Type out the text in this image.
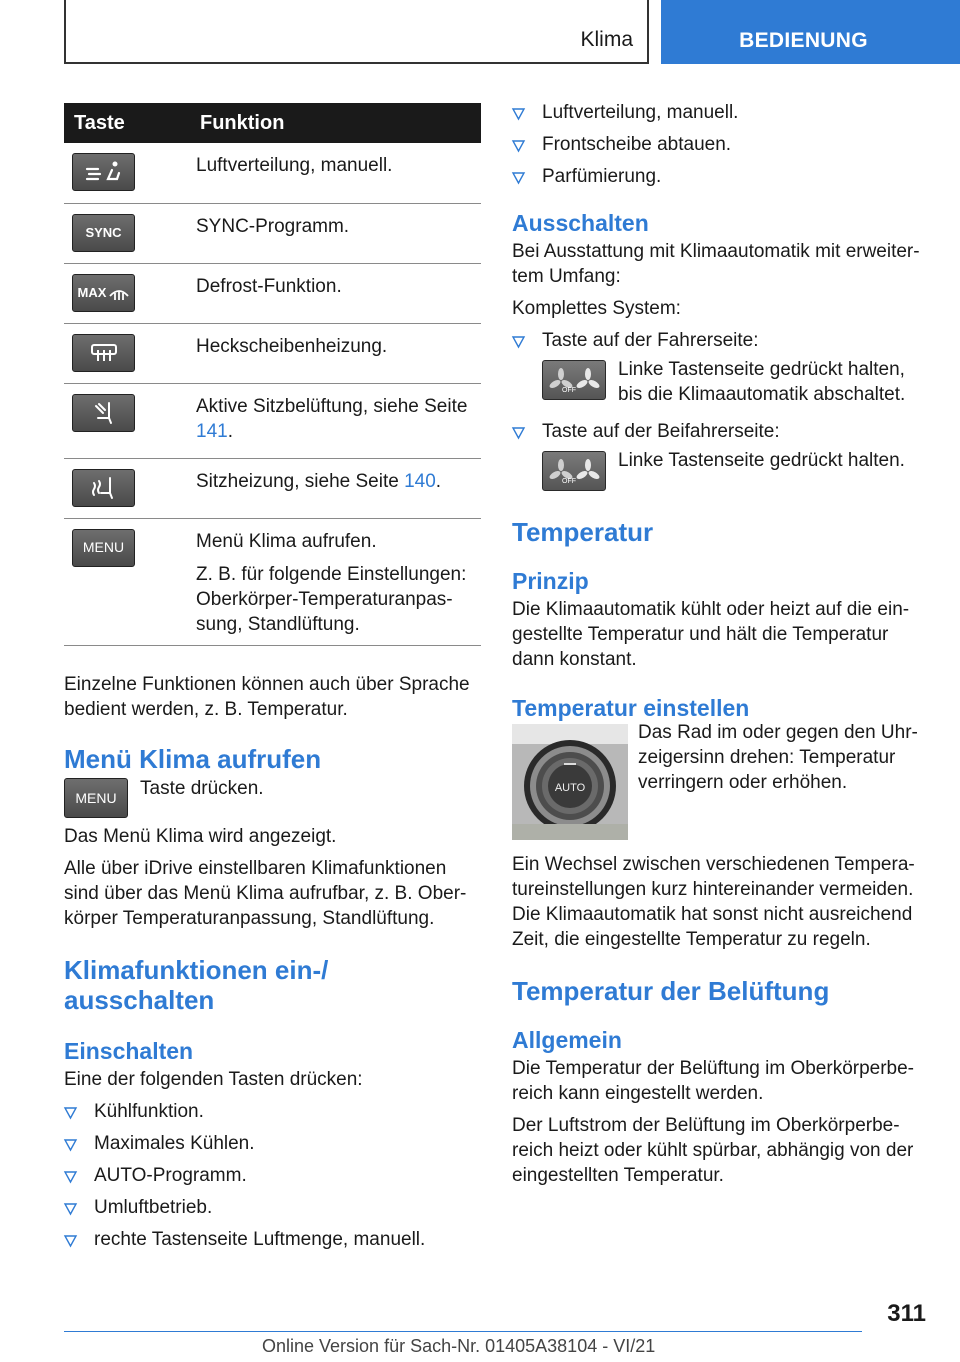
Klima	BEDIENUNG
Taste	Funktion

Luftverteilung, manuell.

SYNC	SYNC-Programm.

MAX	Defrost-Funktion.

Heckscheibenheizung.

Aktive Sitzbelüftung, siehe Seite 141.

Sitzheizung, siehe Seite 140.

MENU	Menü Klima aufrufen.

Z. B. für folgende Einstellungen: Oberkörper-Temperaturanpas-sung, Standlüftung.

Einzelne Funktionen können auch über Sprache bedient werden, z. B. Temperatur.

Menü Klima aufrufen
MENU	Taste drücken.

Das Menü Klima wird angezeigt.

Alle über iDrive einstellbaren Klimafunktionen sind über das Menü Klima aufrufbar, z. B. Ober-körper Temperaturanpassung, Standlüftung.

Klimafunktionen ein-/ ausschalten
Einschalten

Eine der folgenden Tasten drücken:

Kühlfunktion.
Maximales Kühlen.
AUTO-Programm.
Umluftbetrieb.
rechte Tastenseite Luftmenge, manuell.
Luftverteilung, manuell.
Frontscheibe abtauen.
Parfümierung.
Ausschalten

Bei Ausstattung mit Klimaautomatik mit erweiter-tem Umfang:

Komplettes System:

Taste auf der Fahrerseite:
OFF

Linke Tastenseite gedrückt halten, bis die Klimaautomatik abschaltet.

Taste auf der Beifahrerseite:
OFF

Linke Tastenseite gedrückt halten.

Temperatur
Prinzip

Die Klimaautomatik kühlt oder heizt auf die ein-gestellte Temperatur und hält die Temperatur dann konstant.

Temperatur einstellen
AUTO

Das Rad im oder gegen den Uhr-zeigersinn drehen: Temperatur verringern oder erhöhen.

Ein Wechsel zwischen verschiedenen Tempera-tureinstellungen kurz hintereinander vermeiden. Die Klimaautomatik hat sonst nicht ausreichend Zeit, die eingestellte Temperatur zu regeln.

Temperatur der Belüftung
Allgemein

Die Temperatur der Belüftung im Oberkörperbe-reich kann eingestellt werden.

Der Luftstrom der Belüftung im Oberkörperbe-reich heizt oder kühlt spürbar, abhängig von der eingestellten Temperatur.

311
Online Version für Sach-Nr. 01405A38104 - VI/21
